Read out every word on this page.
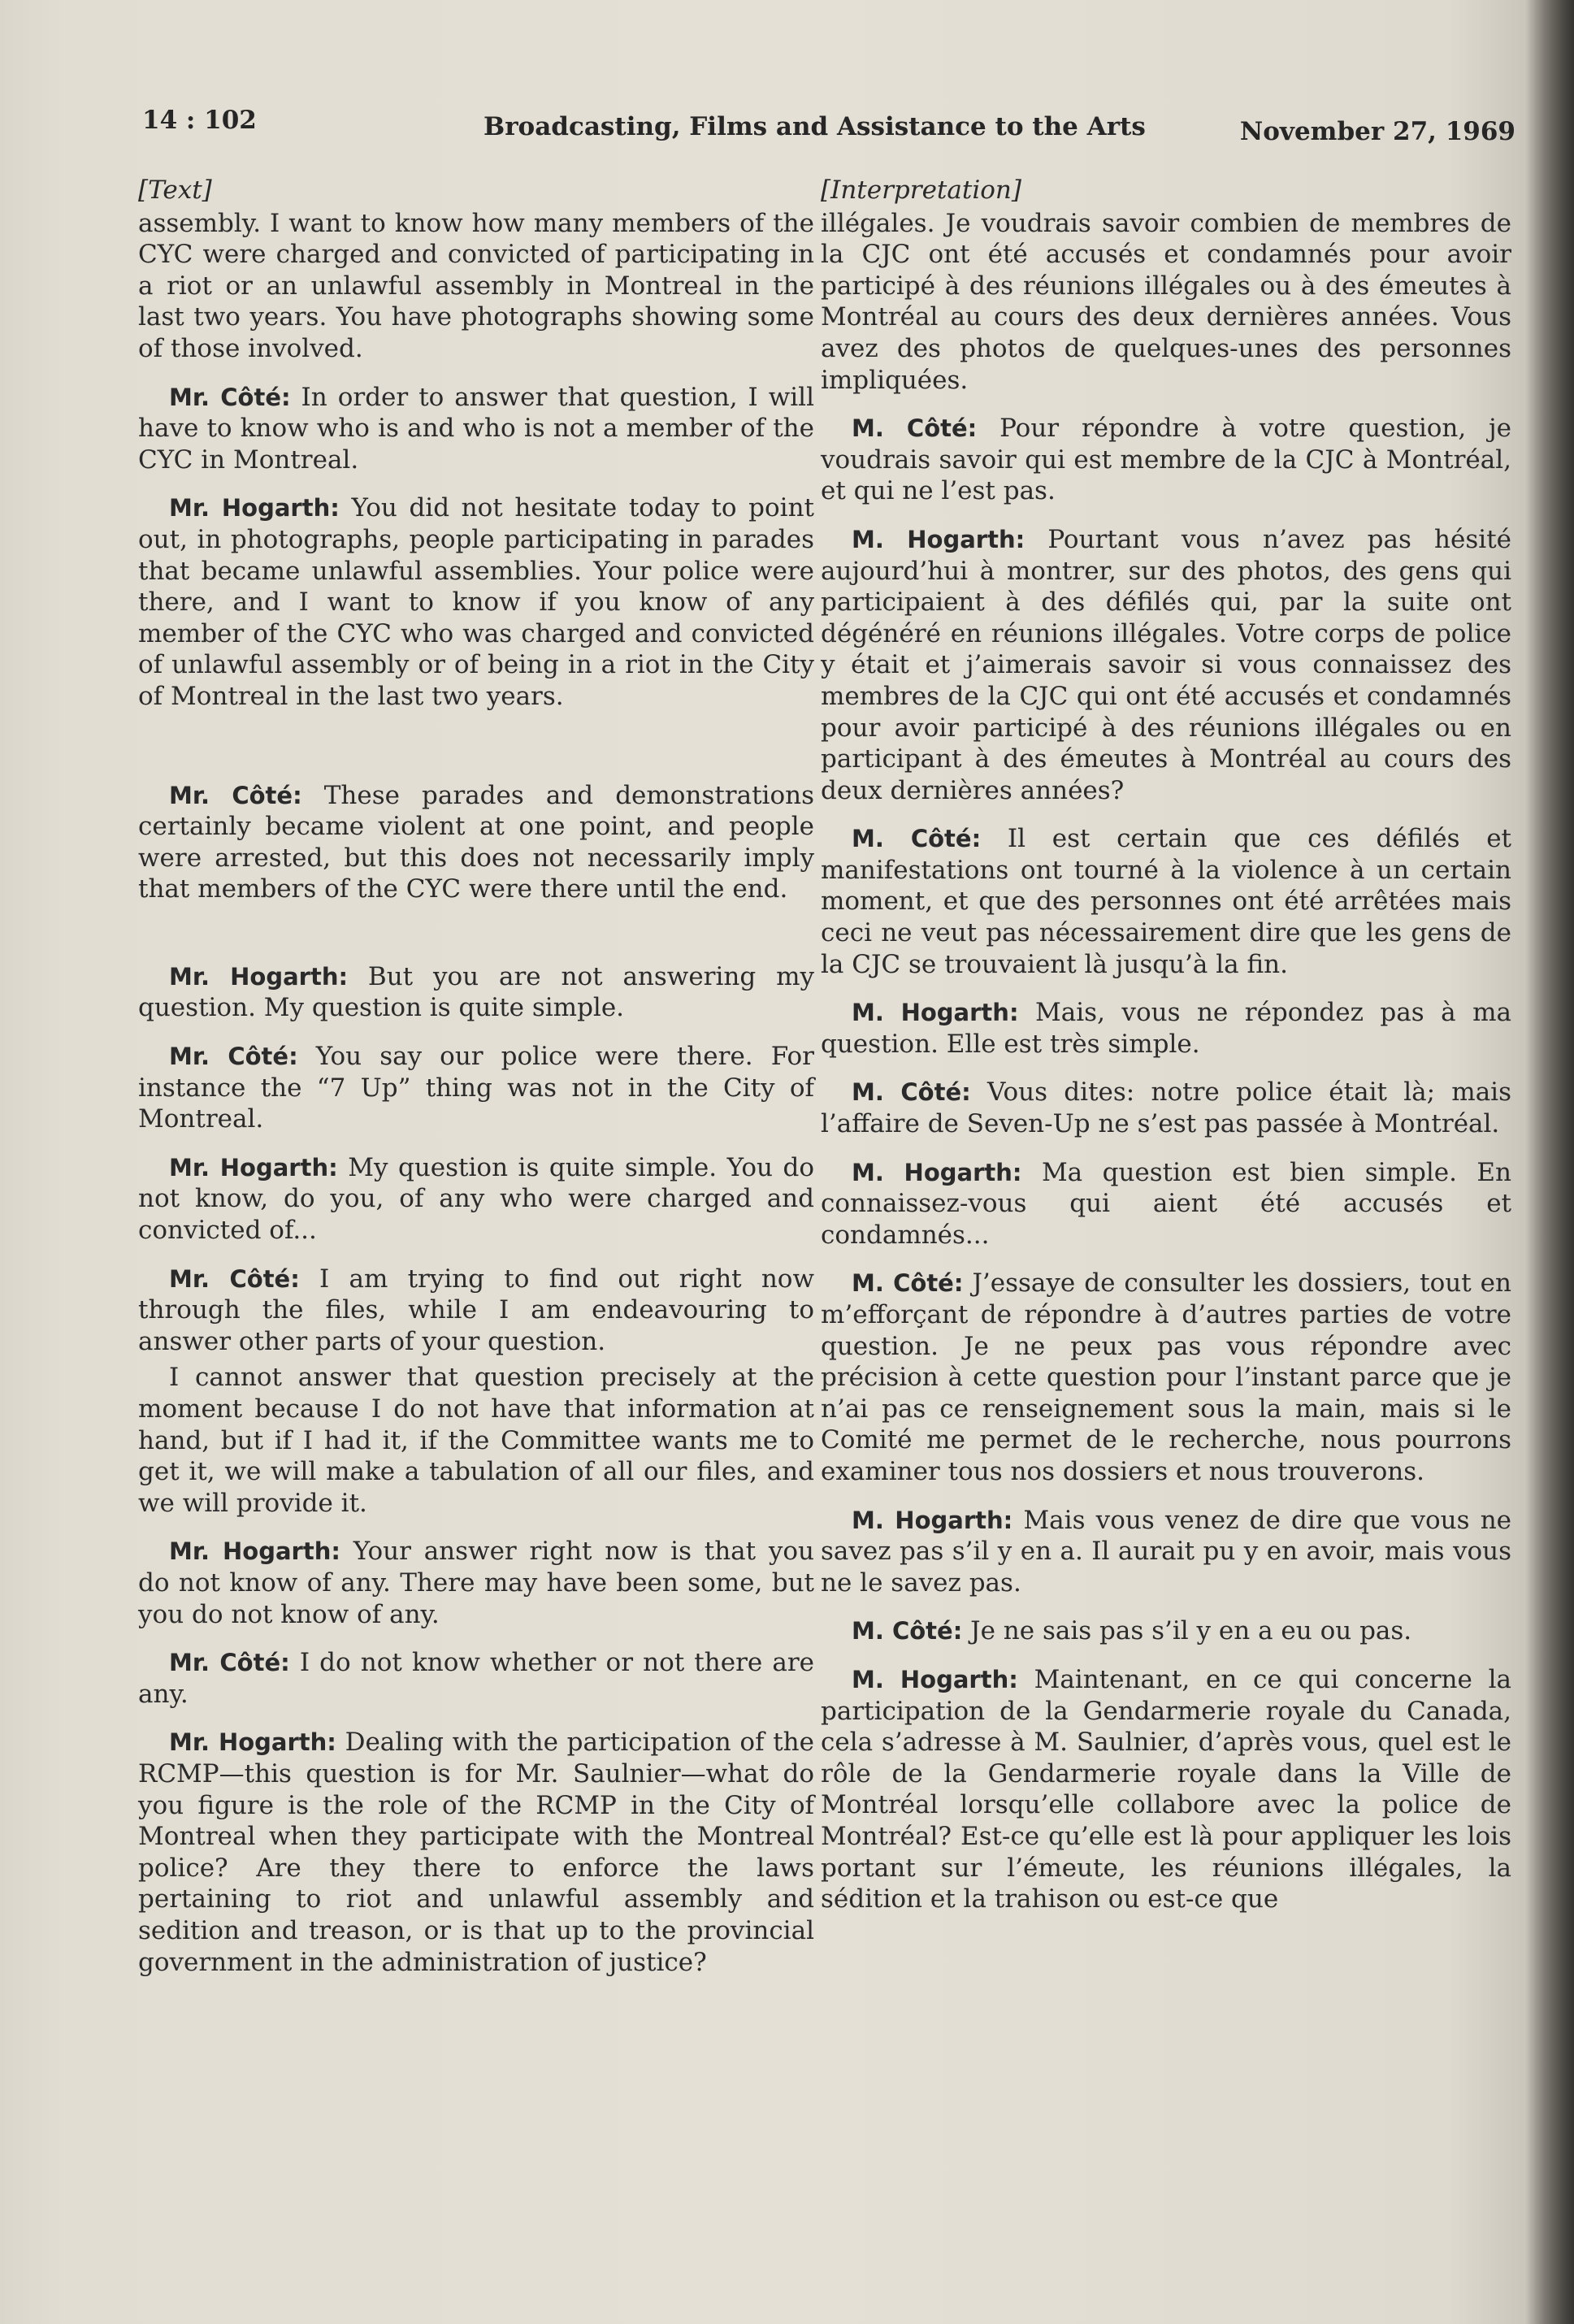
14 : 102	Broadcasting, Films and Assistance to the Arts	November 27, 1969
[Text]

assembly. I want to know how many members of the CYC were charged and convicted of participating in a riot or an unlawful assembly in Montreal in the last two years. You have photographs showing some of those involved.

Mr. Côté: In order to answer that question, I will have to know who is and who is not a member of the CYC in Montreal.

Mr. Hogarth: You did not hesitate today to point out, in photographs, people participating in parades that became unlawful assemblies. Your police were there, and I want to know if you know of any member of the CYC who was charged and convicted of unlawful assembly or of being in a riot in the City of Montreal in the last two years.

Mr. Côté: These parades and demonstrations certainly became violent at one point, and people were arrested, but this does not necessarily imply that members of the CYC were there until the end.

Mr. Hogarth: But you are not answering my question. My question is quite simple.

Mr. Côté: You say our police were there. For instance the “7 Up” thing was not in the City of Montreal.

Mr. Hogarth: My question is quite simple. You do not know, do you, of any who were charged and convicted of...

Mr. Côté: I am trying to find out right now through the files, while I am endeavouring to answer other parts of your question.

I cannot answer that question precisely at the moment because I do not have that information at hand, but if I had it, if the Committee wants me to get it, we will make a tabulation of all our files, and we will provide it.

Mr. Hogarth: Your answer right now is that you do not know of any. There may have been some, but you do not know of any.

Mr. Côté: I do not know whether or not there are any.

Mr. Hogarth: Dealing with the participation of the RCMP—this question is for Mr. Saulnier—what do you figure is the role of the RCMP in the City of Montreal when they participate with the Montreal police? Are they there to enforce the laws pertaining to riot and unlawful assembly and sedition and treason, or is that up to the provincial government in the administration of justice?

[Interpretation]

illégales. Je voudrais savoir combien de membres de la CJC ont été accusés et condamnés pour avoir participé à des réunions illégales ou à des émeutes à Montréal au cours des deux dernières années. Vous avez des photos de quelques-unes des personnes impliquées.

M. Côté: Pour répondre à votre question, je voudrais savoir qui est membre de la CJC à Montréal, et qui ne l’est pas.

M. Hogarth: Pourtant vous n’avez pas hésité aujourd’hui à montrer, sur des photos, des gens qui participaient à des défilés qui, par la suite ont dégénéré en réunions illégales. Votre corps de police y était et j’aimerais savoir si vous connaissez des membres de la CJC qui ont été accusés et condamnés pour avoir participé à des réunions illégales ou en participant à des émeutes à Montréal au cours des deux dernières années?

M. Côté: Il est certain que ces défilés et manifestations ont tourné à la violence à un certain moment, et que des personnes ont été arrêtées mais ceci ne veut pas nécessairement dire que les gens de la CJC se trouvaient là jusqu’à la fin.

M. Hogarth: Mais, vous ne répondez pas à ma question. Elle est très simple.

M. Côté: Vous dites: notre police était là; mais l’affaire de Seven-Up ne s’est pas passée à Montréal.

M. Hogarth: Ma question est bien simple. En connaissez-vous qui aient été accusés et condamnés...

M. Côté: J’essaye de consulter les dossiers, tout en m’efforçant de répondre à d’autres parties de votre question. Je ne peux pas vous répondre avec précision à cette question pour l’instant parce que je n’ai pas ce renseignement sous la main, mais si le Comité me permet de le recherche, nous pourrons examiner tous nos dossiers et nous trouverons.

M. Hogarth: Mais vous venez de dire que vous ne savez pas s’il y en a. Il aurait pu y en avoir, mais vous ne le savez pas.

M. Côté: Je ne sais pas s’il y en a eu ou pas.

M. Hogarth: Maintenant, en ce qui concerne la participation de la Gendarmerie royale du Canada, cela s’adresse à M. Saulnier, d’après vous, quel est le rôle de la Gendarmerie royale dans la Ville de Montréal lorsqu’elle collabore avec la police de Montréal? Est-ce qu’elle est là pour appliquer les lois portant sur l’émeute, les réunions illégales, la sédition et la trahison ou est-ce que
